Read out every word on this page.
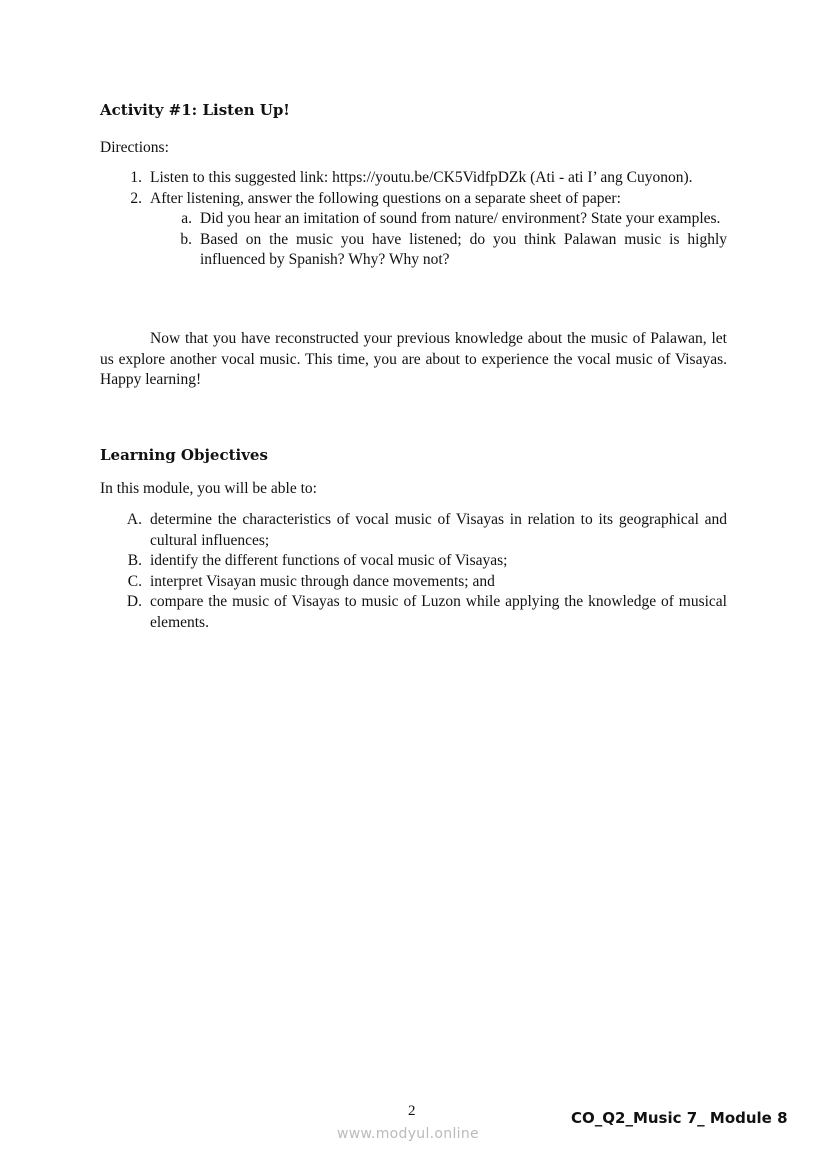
Activity #1: Listen Up!
Directions:
1. Listen to this suggested link: https://youtu.be/CK5VidfpDZk (Ati - ati I’ ang Cuyonon).
2. After listening, answer the following questions on a separate sheet of paper:
a. Did you hear an imitation of sound from nature/ environment? State your examples.
b. Based on the music you have listened; do you think Palawan music is highly influenced by Spanish? Why? Why not?

Now that you have reconstructed your previous knowledge about the music of Palawan, let us explore another vocal music. This time, you are about to experience the vocal music of Visayas. Happy learning!

Learning Objectives
In this module, you will be able to:
A. determine the characteristics of vocal music of Visayas in relation to its geographical and cultural influences;
B. identify the different functions of vocal music of Visayas;
C. interpret Visayan music through dance movements; and
D. compare the music of Visayas to music of Luzon while applying the knowledge of musical elements.
2
www.modyul.online
CO_Q2_Music 7_ Module 8
